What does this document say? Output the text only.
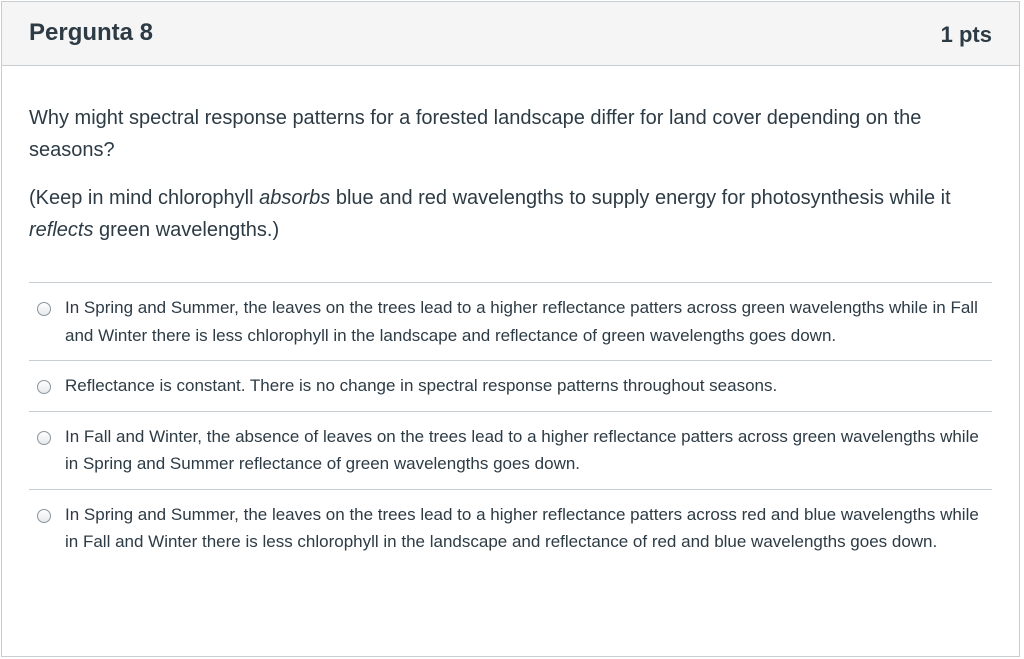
Pergunta 8	1 pts

Why might spectral response patterns for a forested landscape differ for land cover depending on the seasons?

(Keep in mind chlorophyll absorbs blue and red wavelengths to supply energy for photosynthesis while it reflects green wavelengths.)

In Spring and Summer, the leaves on the trees lead to a higher reflectance patters across green wavelengths while in Fall and Winter there is less chlorophyll in the landscape and reflectance of green wavelengths goes down.
Reflectance is constant. There is no change in spectral response patterns throughout seasons.
In Fall and Winter, the absence of leaves on the trees lead to a higher reflectance patters across green wavelengths while in Spring and Summer reflectance of green wavelengths goes down.
In Spring and Summer, the leaves on the trees lead to a higher reflectance patters across red and blue wavelengths while in Fall and Winter there is less chlorophyll in the landscape and reflectance of red and blue wavelengths goes down.
